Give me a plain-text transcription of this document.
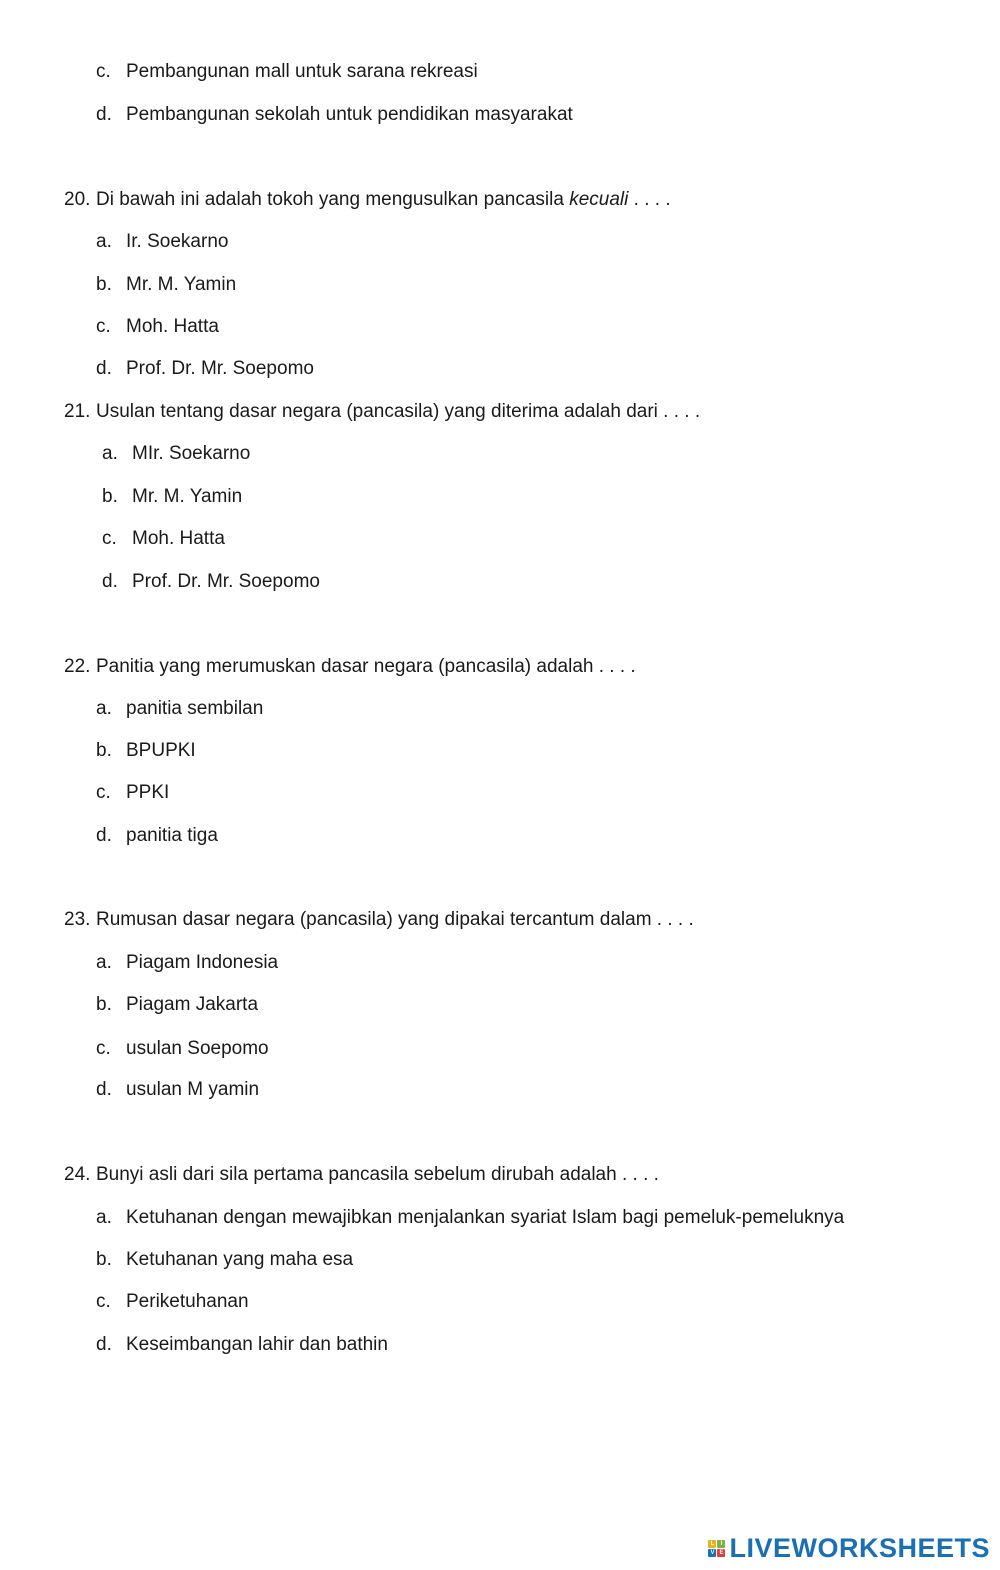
c. Pembangunan mall untuk sarana rekreasi
d. Pembangunan sekolah untuk pendidikan masyarakat
20. Di bawah ini adalah tokoh yang mengusulkan pancasila kecuali . . . .
a. Ir. Soekarno
b. Mr. M. Yamin
c. Moh. Hatta
d. Prof. Dr. Mr. Soepomo
21. Usulan tentang dasar negara (pancasila) yang diterima adalah dari . . . .
a. MIr. Soekarno
b. Mr. M. Yamin
c. Moh. Hatta
d. Prof. Dr. Mr. Soepomo
22. Panitia yang merumuskan dasar negara (pancasila) adalah . . . .
a. panitia sembilan
b. BPUPKI
c. PPKI
d. panitia tiga
23. Rumusan dasar negara (pancasila) yang dipakai tercantum dalam . . . .
a. Piagam Indonesia
b. Piagam Jakarta
c. usulan Soepomo
d. usulan M yamin
24. Bunyi asli dari sila pertama pancasila sebelum dirubah adalah . . . .
a. Ketuhanan dengan mewajibkan menjalankan syariat Islam bagi pemeluk-pemeluknya
b. Ketuhanan yang maha esa
c. Periketuhanan
d. Keseimbangan lahir dan bathin
L	I
V E LIVEWORKSHEETS
